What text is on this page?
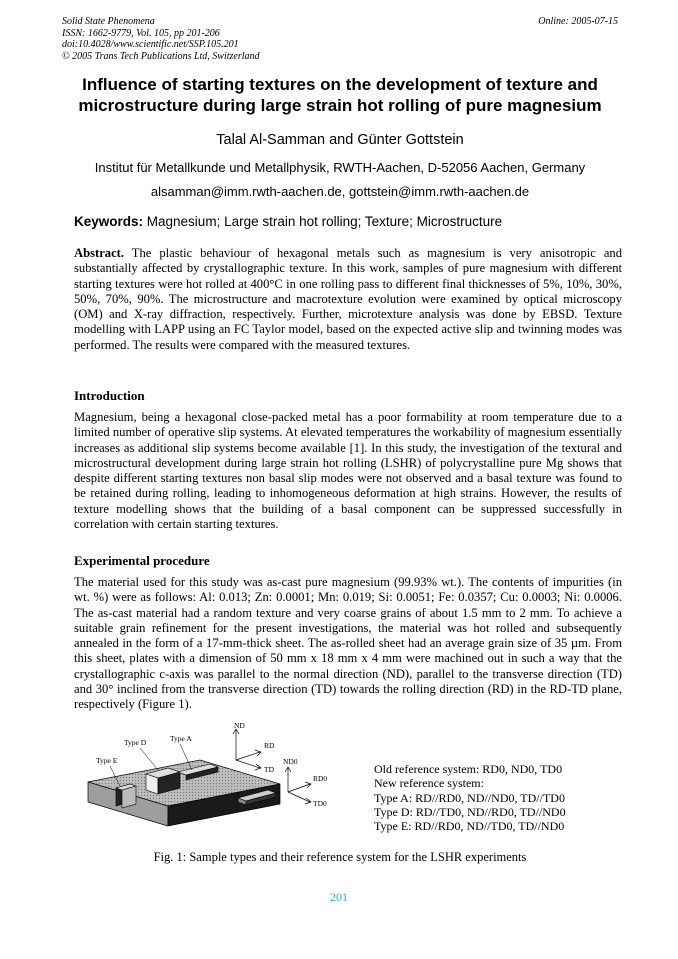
Solid State Phenomena
ISSN: 1662-9779, Vol. 105, pp 201-206
doi:10.4028/www.scientific.net/SSP.105.201
© 2005 Trans Tech Publications Ltd, Switzerland
Online: 2005-07-15
Influence of starting textures on the development of texture and
microstructure during large strain hot rolling of pure magnesium
Talal Al-Samman and Günter Gottstein
Institut für Metallkunde und Metallphysik, RWTH-Aachen, D-52056 Aachen, Germany
alsamman@imm.rwth-aachen.de, gottstein@imm.rwth-aachen.de
Keywords: Magnesium; Large strain hot rolling; Texture; Microstructure
Abstract. The plastic behaviour of hexagonal metals such as magnesium is very anisotropic and substantially affected by crystallographic texture. In this work, samples of pure magnesium with different starting textures were hot rolled at 400°C in one rolling pass to different final thicknesses of 5%, 10%, 30%, 50%, 70%, 90%. The microstructure and macrotexture evolution were examined by optical microscopy (OM) and X-ray diffraction, respectively. Further, microtexture analysis was done by EBSD. Texture modelling with LAPP using an FC Taylor model, based on the expected active slip and twinning modes was performed. The results were compared with the measured textures.
Introduction
Magnesium, being a hexagonal close-packed metal has a poor formability at room temperature due to a limited number of operative slip systems. At elevated temperatures the workability of magnesium essentially increases as additional slip systems become available [1]. In this study, the investigation of the textural and microstructural development during large strain hot rolling (LSHR) of polycrystalline pure Mg shows that despite different starting textures non basal slip modes were not observed and a basal texture was found to be retained during rolling, leading to inhomogeneous deformation at high strains. However, the results of texture modelling shows that the building of a basal component can be suppressed successfully in correlation with certain starting textures.
Experimental procedure
The material used for this study was as-cast pure magnesium (99.93% wt.). The contents of impurities (in wt. %) were as follows: Al: 0.013; Zn: 0.0001; Mn: 0.019; Si: 0.0051; Fe: 0.0357; Cu: 0.0003; Ni: 0.0006. The as-cast material had a random texture and very coarse grains of about 1.5 mm to 2 mm. To achieve a suitable grain refinement for the present investigations, the material was hot rolled and subsequently annealed in the form of a 17-mm-thick sheet. The as-rolled sheet had an average grain size of 35 µm. From this sheet, plates with a dimension of 50 mm x 18 mm x 4 mm were machined out in such a way that the crystallographic c-axis was parallel to the normal direction (ND), parallel to the transverse direction (TD) and 30° inclined from the transverse direction (TD) towards the rolling direction (RD) in the RD-TD plane, respectively (Figure 1).
Type D	Type A
Type E
ND
RD
TD
ND0
RD0
TD0
Old reference system: RD0, ND0, TD0
New reference system:
Type A: RD//RD0, ND//ND0, TD//TD0
Type D: RD//TD0, ND//RD0, TD//ND0
Type E: RD//RD0, ND//TD0, TD//ND0
Fig. 1: Sample types and their reference system for the LSHR experiments
201
